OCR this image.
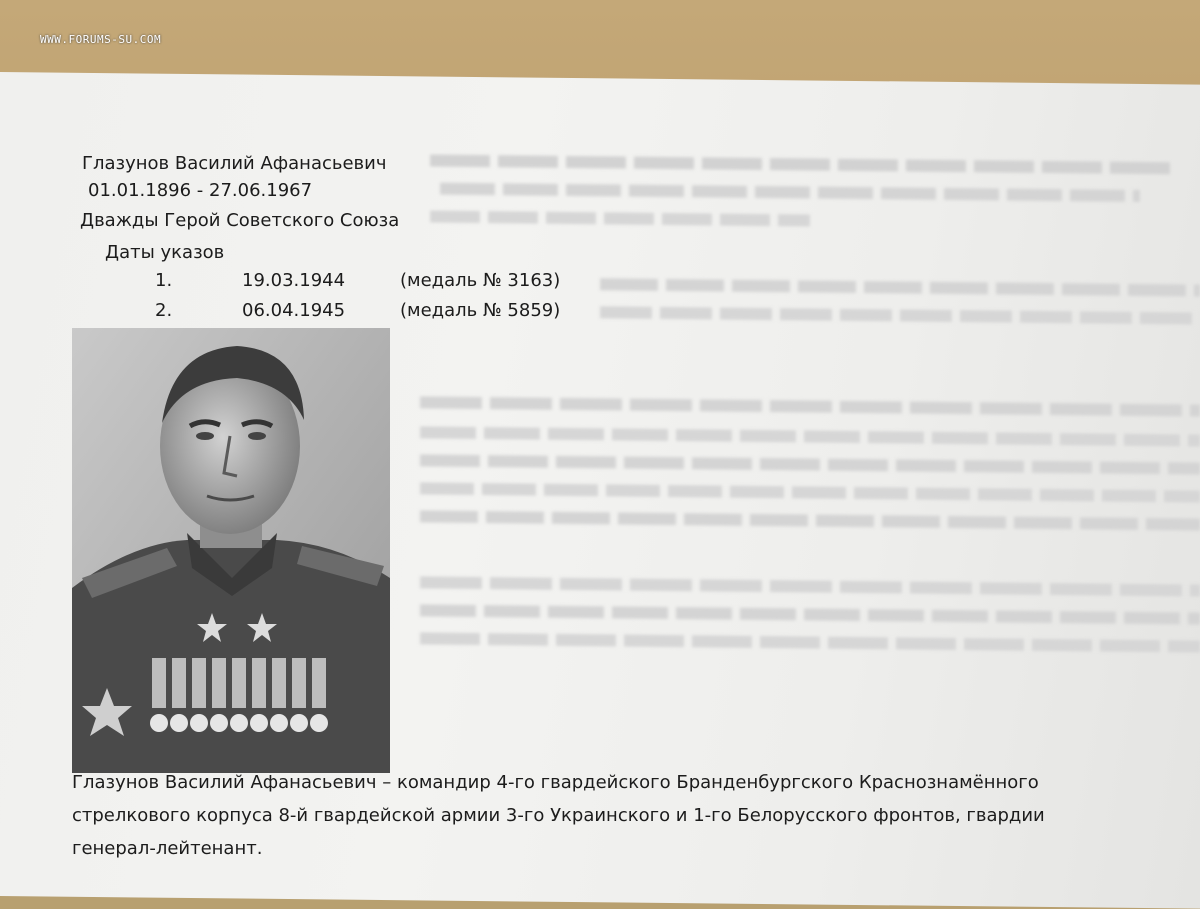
WWW.FORUMS-SU.COM
Глазунов Василий Афанасьевич
01.01.1896 - 27.06.1967
Дважды Герой Советского Союза
Даты указов
1.	19.03.1944	(медаль № 3163)
2.	06.04.1945	(медаль № 5859)
Глазунов Василий Афанасьевич – командир 4-го гвардейского Бранденбургского Краснознамённого
стрелкового корпуса 8-й гвардейской армии 3-го Украинского и 1-го Белорусского фронтов, гвардии
генерал-лейтенант.
